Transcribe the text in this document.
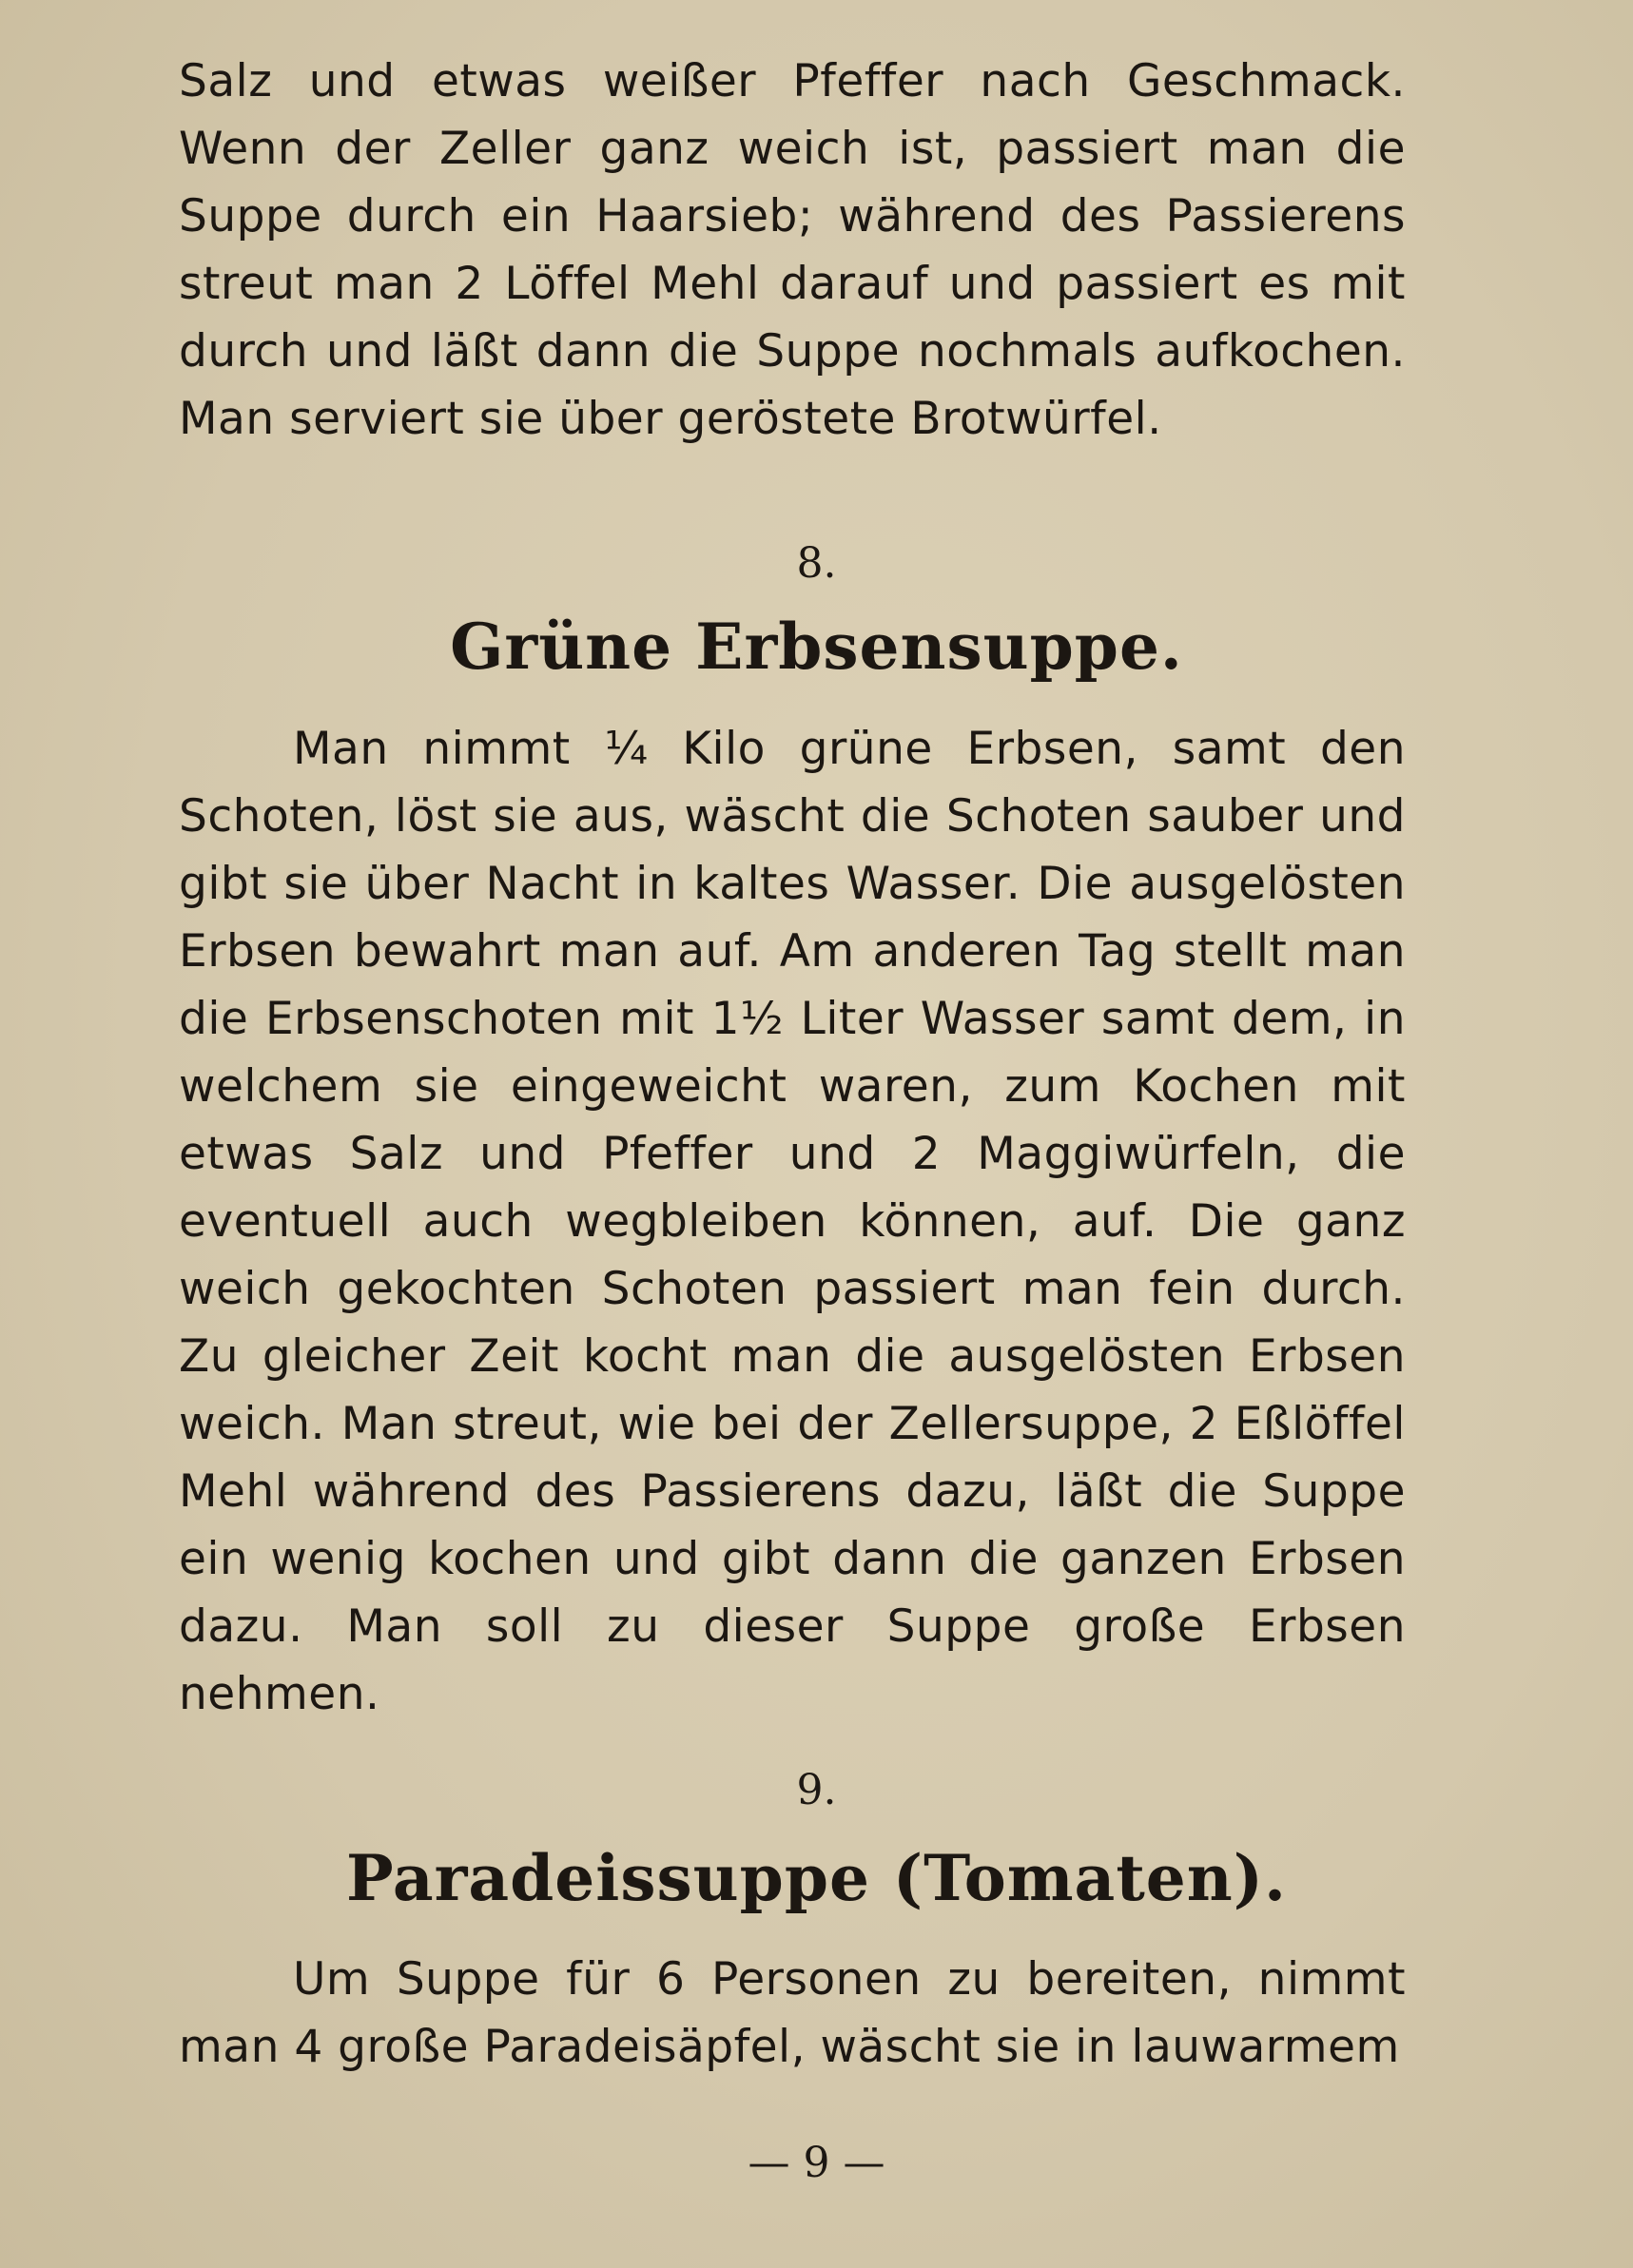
Salz und etwas weißer Pfeffer nach Geschmack. Wenn der Zeller ganz weich ist, passiert man die Suppe durch ein Haarsieb; während des Passierens streut man 2 Löffel Mehl darauf und passiert es mit durch und läßt dann die Suppe nochmals aufkochen. Man serviert sie über geröstete Brotwürfel.

8.
Grüne Erbsensuppe.

Man nimmt ¼ Kilo grüne Erbsen, samt den Schoten, löst sie aus, wäscht die Schoten sauber und gibt sie über Nacht in kaltes Wasser. Die ausgelösten Erbsen bewahrt man auf. Am anderen Tag stellt man die Erbsenschoten mit 1½ Liter Wasser samt dem, in welchem sie eingeweicht waren, zum Kochen mit etwas Salz und Pfeffer und 2 Maggiwürfeln, die eventuell auch wegbleiben können, auf. Die ganz weich gekochten Schoten passiert man fein durch. Zu gleicher Zeit kocht man die ausgelösten Erbsen weich. Man streut, wie bei der Zellersuppe, 2 Eßlöffel Mehl während des Passierens dazu, läßt die Suppe ein wenig kochen und gibt dann die ganzen Erbsen dazu. Man soll zu dieser Suppe große Erbsen nehmen.

9.
Paradeissuppe (Tomaten).

Um Suppe für 6 Personen zu bereiten, nimmt man 4 große Paradeisäpfel, wäscht sie in lauwarmem

— 9 —
